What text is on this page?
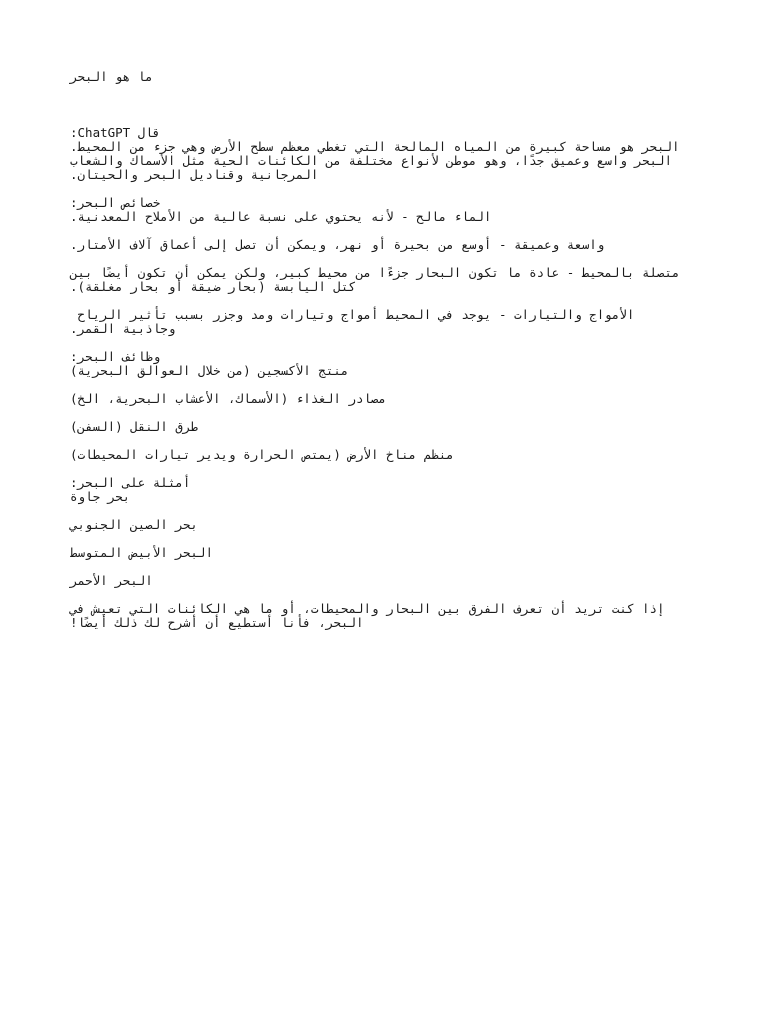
ما هو البحر
قال ChatGPT:
البحر هو مساحة كبيرة من المياه المالحة التي تغطي معظم سطح الأرض وهي جزء من المحيط.
البحر واسع وعميق جدًا، وهو موطن لأنواع مختلفة من الكائنات الحية مثل الأسماك والشعاب
المرجانية وقناديل البحر والحيتان.
خصائص البحر:
الماء مالح - لأنه يحتوي على نسبة عالية من الأملاح المعدنية.
واسعة وعميقة - أوسع من بحيرة أو نهر، ويمكن أن تصل إلى أعماق آلاف الأمتار.
متصلة بالمحيط - عادة ما تكون البحار جزءًا من محيط كبير، ولكن يمكن أن تكون أيضًا بين
كتل اليابسة (بحار ضيقة أو بحار مغلقة).
الأمواج والتيارات - يوجد في المحيط أمواج وتيارات ومد وجزر بسبب تأثير الرياح
وجاذبية القمر.
وظائف البحر:
منتج الأكسجين (من خلال العوالق البحرية)
مصادر الغذاء (الأسماك، الأعشاب البحرية، الخ)
طرق النقل (السفن)
منظم مناخ الأرض (يمتص الحرارة ويدير تيارات المحيطات)
أمثلة على البحر:
بحر جاوة
بحر الصين الجنوبي
البحر الأبيض المتوسط
البحر الأحمر
إذا كنت تريد أن تعرف الفرق بين البحار والمحيطات، أو ما هي الكائنات التي تعيش في
البحر، فأنا أستطيع أن أشرح لك ذلك أيضًا!
